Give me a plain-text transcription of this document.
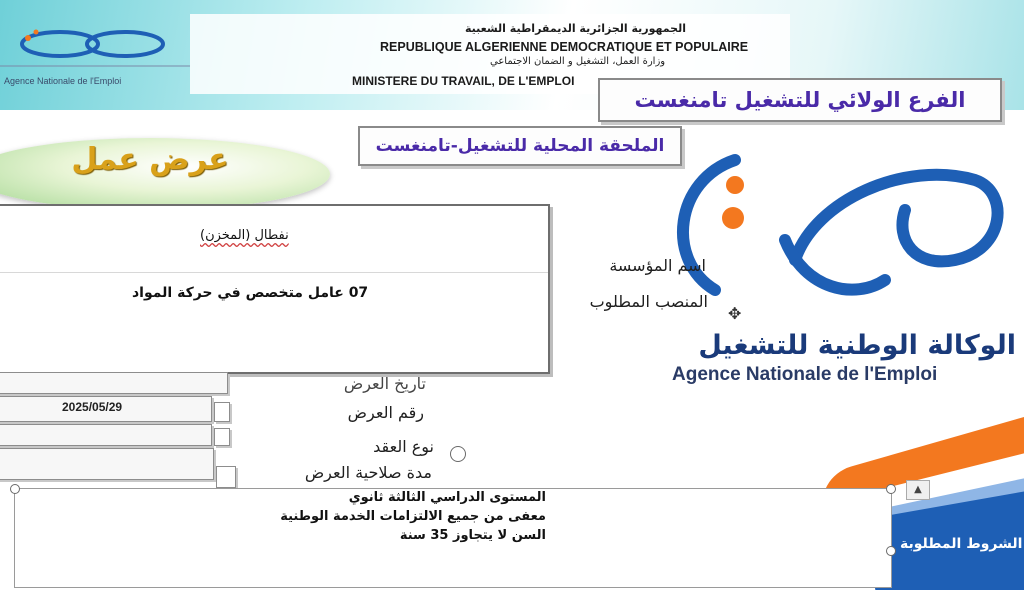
Agence Nationale de l'Emploi
الجمهورية الجزائرية الديمقراطية الشعبية
REPUBLIQUE ALGERIENNE DEMOCRATIQUE ET POPULAIRE
وزارة العمل، التشغيل و الضمان الاجتماعي
MINISTERE DU TRAVAIL, DE L'EMPLOI
الفرع الولائي للتشغيل تامنغست
الملحقة المحلية للتشغيل-تامنغست
عرض عمل
الوكالة الوطنية للتشغيل
Agence Nationale de l'Emploi
الشروط المطلوبة
نفطال (المخزن)
07 عامل متخصص في حركة المواد
اسم المؤسسة
المنصب المطلوب
تاريخ العرض
رقم العرض
نوع العقد
مدة صلاحية العرض
2025/05/29
المستوى الدراسي الثالثة ثانوي
معفى من جميع الالتزامات الخدمة الوطنية
السن لا يتجاوز 35 سنة
▲
✥
